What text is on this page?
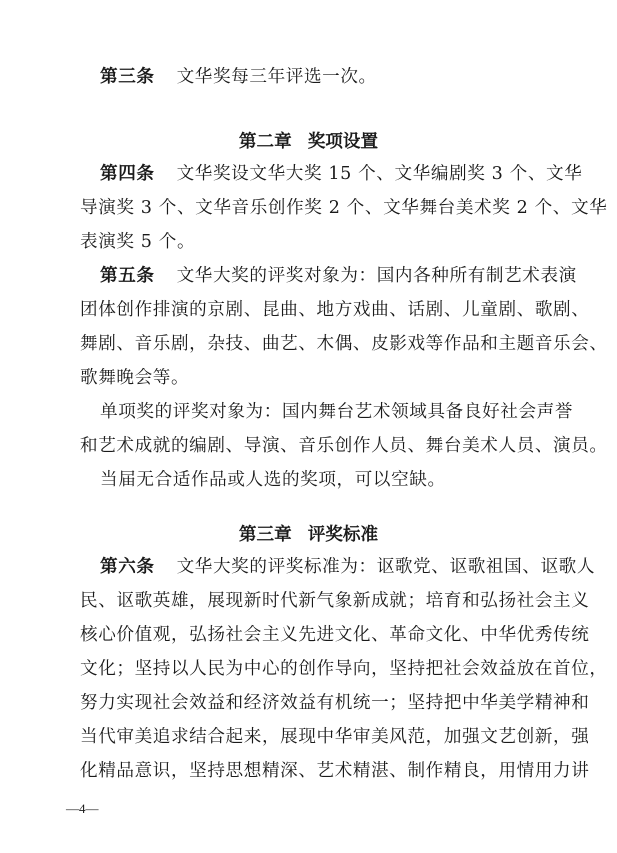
第三条 文华奖每三年评选一次。
第二章 奖项设置
第四条 文华奖设文华大奖 15 个、文华编剧奖 3 个、文华
导演奖 3 个、文华音乐创作奖 2 个、文华舞台美术奖 2 个、文华
表演奖 5 个。
第五条 文华大奖的评奖对象为：国内各种所有制艺术表演
团体创作排演的京剧、昆曲、地方戏曲、话剧、儿童剧、歌剧、
舞剧、音乐剧，杂技、曲艺、木偶、皮影戏等作品和主题音乐会、
歌舞晚会等。
单项奖的评奖对象为：国内舞台艺术领域具备良好社会声誉
和艺术成就的编剧、导演、音乐创作人员、舞台美术人员、演员。
当届无合适作品或人选的奖项，可以空缺。
第三章 评奖标准
第六条 文华大奖的评奖标准为：讴歌党、讴歌祖国、讴歌人
民、讴歌英雄，展现新时代新气象新成就；培育和弘扬社会主义
核心价值观，弘扬社会主义先进文化、革命文化、中华优秀传统
文化；坚持以人民为中心的创作导向，坚持把社会效益放在首位，
努力实现社会效益和经济效益有机统一；坚持把中华美学精神和
当代审美追求结合起来，展现中华审美风范，加强文艺创新，强
化精品意识，坚持思想精深、艺术精湛、制作精良，用情用力讲
—4—
